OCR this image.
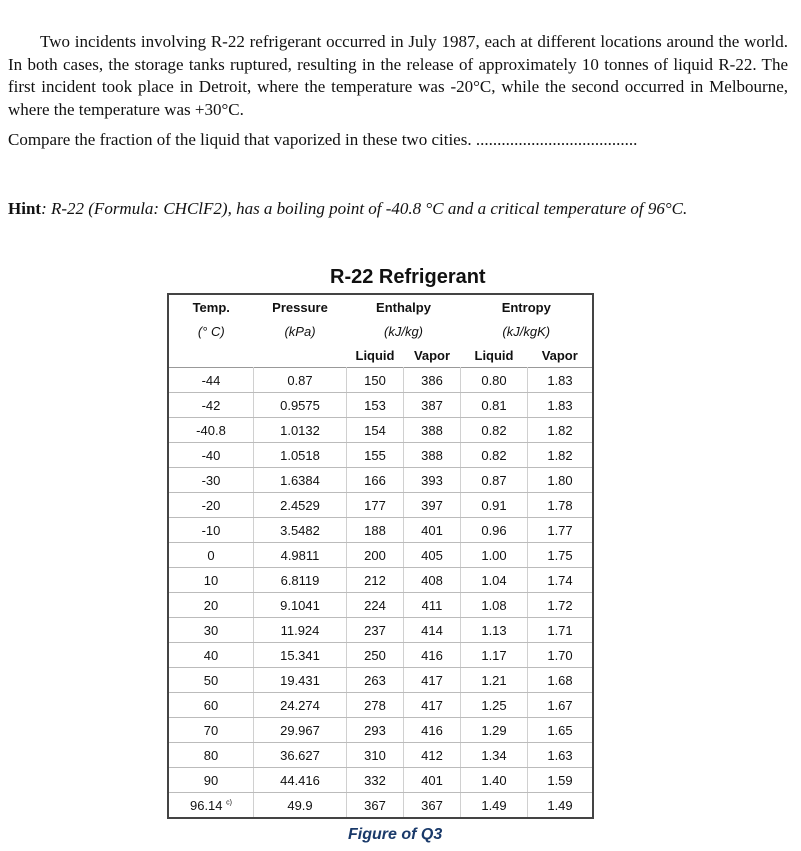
Two incidents involving R-22 refrigerant occurred in July 1987, each at different locations around the world. In both cases, the storage tanks ruptured, resulting in the release of approximately 10 tonnes of liquid R-22. The first incident took place in Detroit, where the temperature was -20°C, while the second occurred in Melbourne, where the temperature was +30°C.
Compare the fraction of the liquid that vaporized in these two cities. ......................................
Hint: R-22 (Formula: CHClF2), has a boiling point of -40.8 °C and a critical temperature of 96°C.
R-22 Refrigerant
Temp.	Pressure	Enthalpy		Entropy	
(° C)	(kPa)	(kJ/kg)		(kJ/kgK)	
		Liquid	Vapor	Liquid	Vapor
-44	0.87	150	386	0.80	1.83
-42	0.9575	153	387	0.81	1.83
-40.8	1.0132	154	388	0.82	1.82
-40	1.0518	155	388	0.82	1.82
-30	1.6384	166	393	0.87	1.80
-20	2.4529	177	397	0.91	1.78
-10	3.5482	188	401	0.96	1.77
0	4.9811	200	405	1.00	1.75
10	6.8119	212	408	1.04	1.74
20	9.1041	224	411	1.08	1.72
30	11.924	237	414	1.13	1.71
40	15.341	250	416	1.17	1.70
50	19.431	263	417	1.21	1.68
60	24.274	278	417	1.25	1.67
70	29.967	293	416	1.29	1.65
80	36.627	310	412	1.34	1.63
90	44.416	332	401	1.40	1.59
96.14 $^{c)}$	49.9	367	367	1.49	1.49
Figure of Q3
